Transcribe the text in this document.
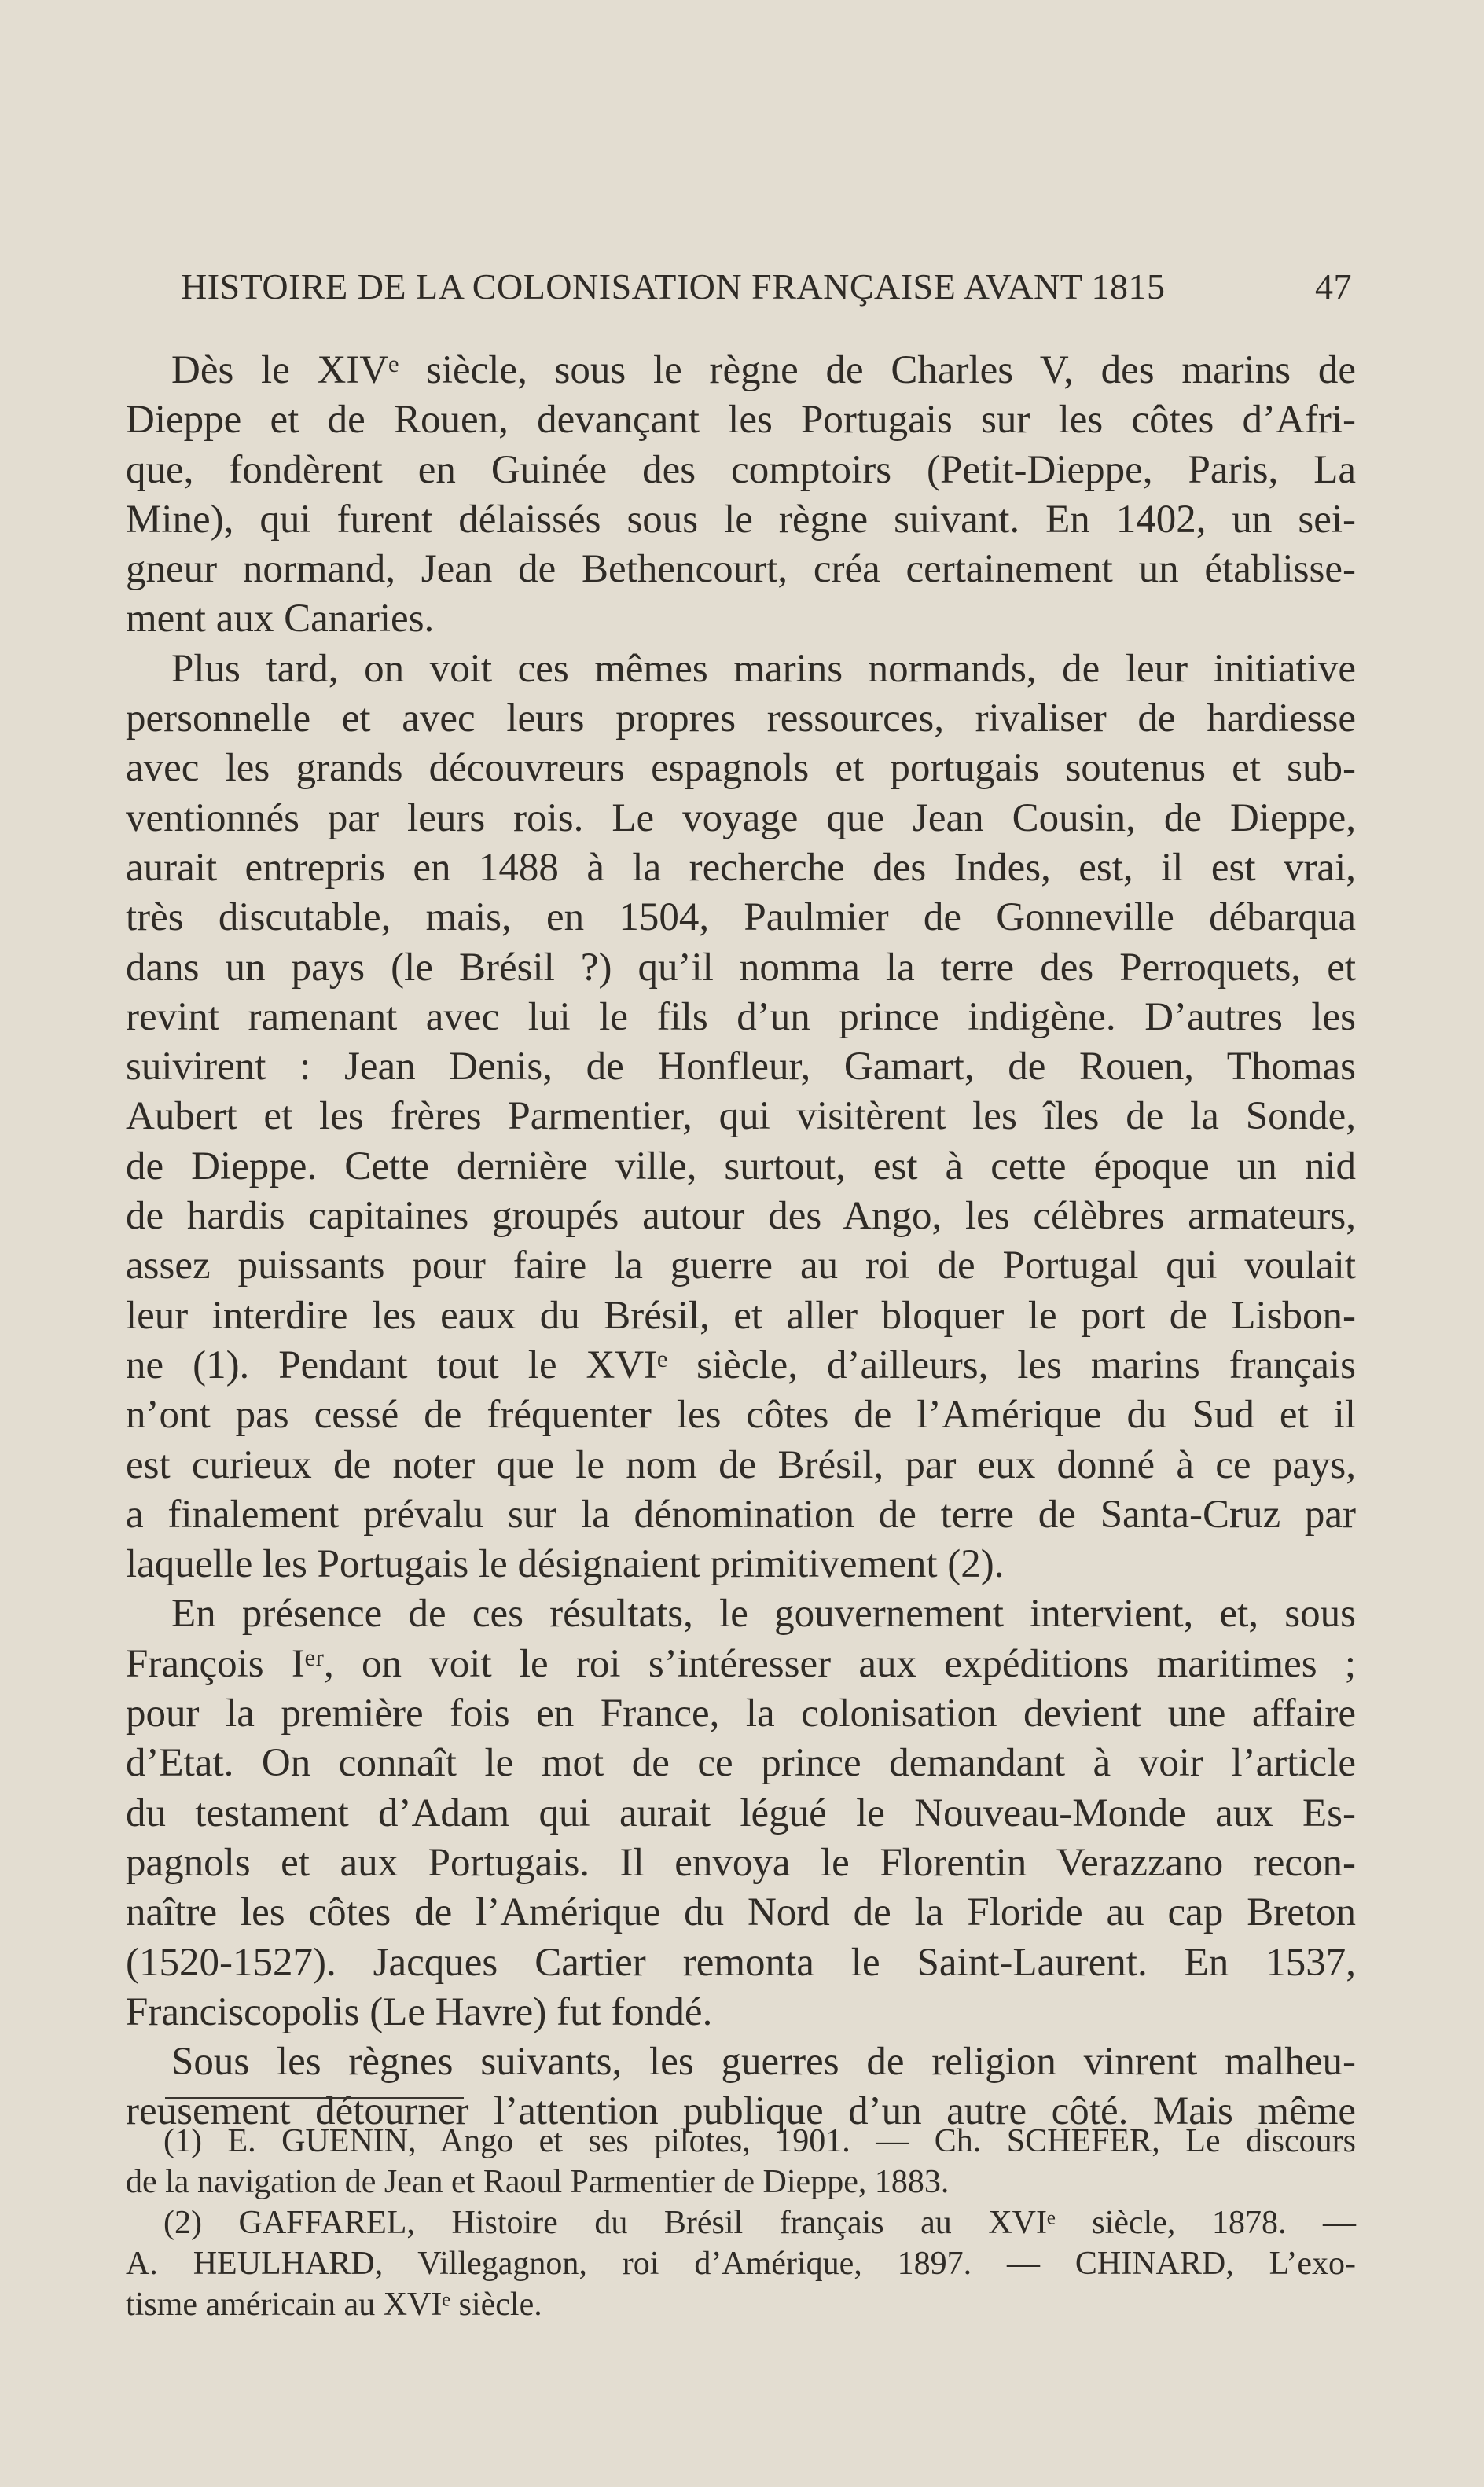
HISTOIRE DE LA COLONISATION FRANÇAISE AVANT 1815	47
Dès le XIVᵉ siècle, sous le règne de Charles V, des marins de
Dieppe et de Rouen, devançant les Portugais sur les côtes d’Afri-
que, fondèrent en Guinée des comptoirs (Petit-Dieppe, Paris, La
Mine), qui furent délaissés sous le règne suivant. En 1402, un sei-
gneur normand, Jean de Bethencourt, créa certainement un établisse-
ment aux Canaries.
Plus tard, on voit ces mêmes marins normands, de leur initiative
personnelle et avec leurs propres ressources, rivaliser de hardiesse
avec les grands découvreurs espagnols et portugais soutenus et sub-
ventionnés par leurs rois. Le voyage que Jean Cousin, de Dieppe,
aurait entrepris en 1488 à la recherche des Indes, est, il est vrai,
très discutable, mais, en 1504, Paulmier de Gonneville débarqua
dans un pays (le Brésil ?) qu’il nomma la terre des Perroquets, et
revint ramenant avec lui le fils d’un prince indigène. D’autres les
suivirent : Jean Denis, de Honfleur, Gamart, de Rouen, Thomas
Aubert et les frères Parmentier, qui visitèrent les îles de la Sonde,
de Dieppe. Cette dernière ville, surtout, est à cette époque un nid
de hardis capitaines groupés autour des Ango, les célèbres armateurs,
assez puissants pour faire la guerre au roi de Portugal qui voulait
leur interdire les eaux du Brésil, et aller bloquer le port de Lisbon-
ne (1). Pendant tout le XVIᵉ siècle, d’ailleurs, les marins français
n’ont pas cessé de fréquenter les côtes de l’Amérique du Sud et il
est curieux de noter que le nom de Brésil, par eux donné à ce pays,
a finalement prévalu sur la dénomination de terre de Santa-Cruz par
laquelle les Portugais le désignaient primitivement (2).
En présence de ces résultats, le gouvernement intervient, et, sous
François Iᵉʳ, on voit le roi s’intéresser aux expéditions maritimes ;
pour la première fois en France, la colonisation devient une affaire
d’Etat. On connaît le mot de ce prince demandant à voir l’article
du testament d’Adam qui aurait légué le Nouveau-Monde aux Es-
pagnols et aux Portugais. Il envoya le Florentin Verazzano recon-
naître les côtes de l’Amérique du Nord de la Floride au cap Breton
(1520-1527). Jacques Cartier remonta le Saint-Laurent. En 1537,
Franciscopolis (Le Havre) fut fondé.
Sous les règnes suivants, les guerres de religion vinrent malheu-
reusement détourner l’attention publique d’un autre côté. Mais même
(1) E. GUENIN, Ango et ses pilotes, 1901. — Ch. SCHEFER, Le discours
de la navigation de Jean et Raoul Parmentier de Dieppe, 1883.
(2) GAFFAREL, Histoire du Brésil français au XVIᵉ siècle, 1878. —
A. HEULHARD, Villegagnon, roi d’Amérique, 1897. — CHINARD, L’exo-
tisme américain au XVIᵉ siècle.
